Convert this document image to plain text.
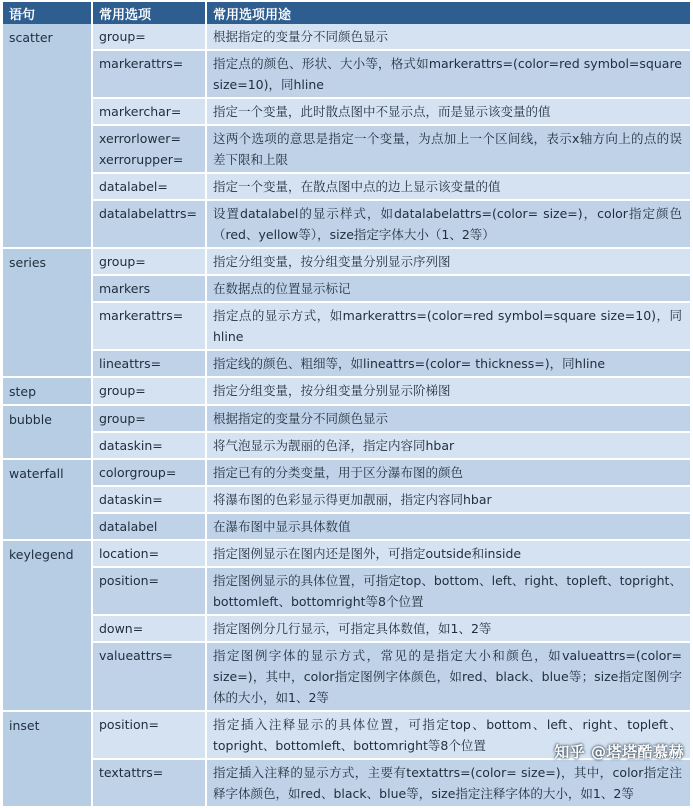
语句	常用选项	常用选项用途
scatter	group=	根据指定的变量分不同颜色显示

	markerattrs=	指定点的颜色、形状、大小等，格式如markerattrs=(color=red symbol=square size=10)，同hline

	markerchar=	指定一个变量，此时散点图中不显示点，而是显示该变量的值

	xerrorlower=
xerrorupper=	这两个选项的意思是指定一个变量，为点加上一个区间线，表示x轴方向上的点的误差下限和上限

	datalabel=	指定一个变量，在散点图中点的边上显示该变量的值

	datalabelattrs=	设置datalabel的显示样式，如datalabelattrs=(color= size=)，color指定颜色（red、yellow等），size指定字体大小（1、2等）
series	group=	指定分组变量，按分组变量分别显示序列图

	markers	在数据点的位置显示标记

	markerattrs=	指定点的显示方式，如markerattrs=(color=red symbol=square size=10)，同hline

	lineattrs=	指定线的颜色、粗细等，如lineattrs=(color= thickness=)，同hline
step	group=	指定分组变量，按分组变量分别显示阶梯图
bubble	group=	根据指定的变量分不同颜色显示

	dataskin=	将气泡显示为靓丽的色泽，指定内容同hbar
waterfall	colorgroup=	指定已有的分类变量，用于区分瀑布图的颜色

	dataskin=	将瀑布图的色彩显示得更加靓丽，指定内容同hbar

	datalabel	在瀑布图中显示具体数值
keylegend	location=	指定图例显示在图内还是图外，可指定outside和inside

	position=	指定图例显示的具体位置，可指定top、bottom、left、right、topleft、topright、bottomleft、bottomright等8个位置

	down=	指定图例分几行显示，可指定具体数值，如1、2等

	valueattrs=	指定图例字体的显示方式，常见的是指定大小和颜色，如valueattrs=(color= size=)，其中，color指定图例字体颜色，如red、black、blue等；size指定图例字体的大小，如1、2等
inset	position=	指定插入注释显示的具体位置，可指定top、bottom、left、right、topleft、topright、bottomleft、bottomright等8个位置

	textattrs=	指定插入注释的显示方式，主要有textattrs=(color= size=)，其中，color指定注释字体颜色，如red、black、blue等，size指定注释字体的大小，如1、2等
知乎 @塔塔酷慕赫
